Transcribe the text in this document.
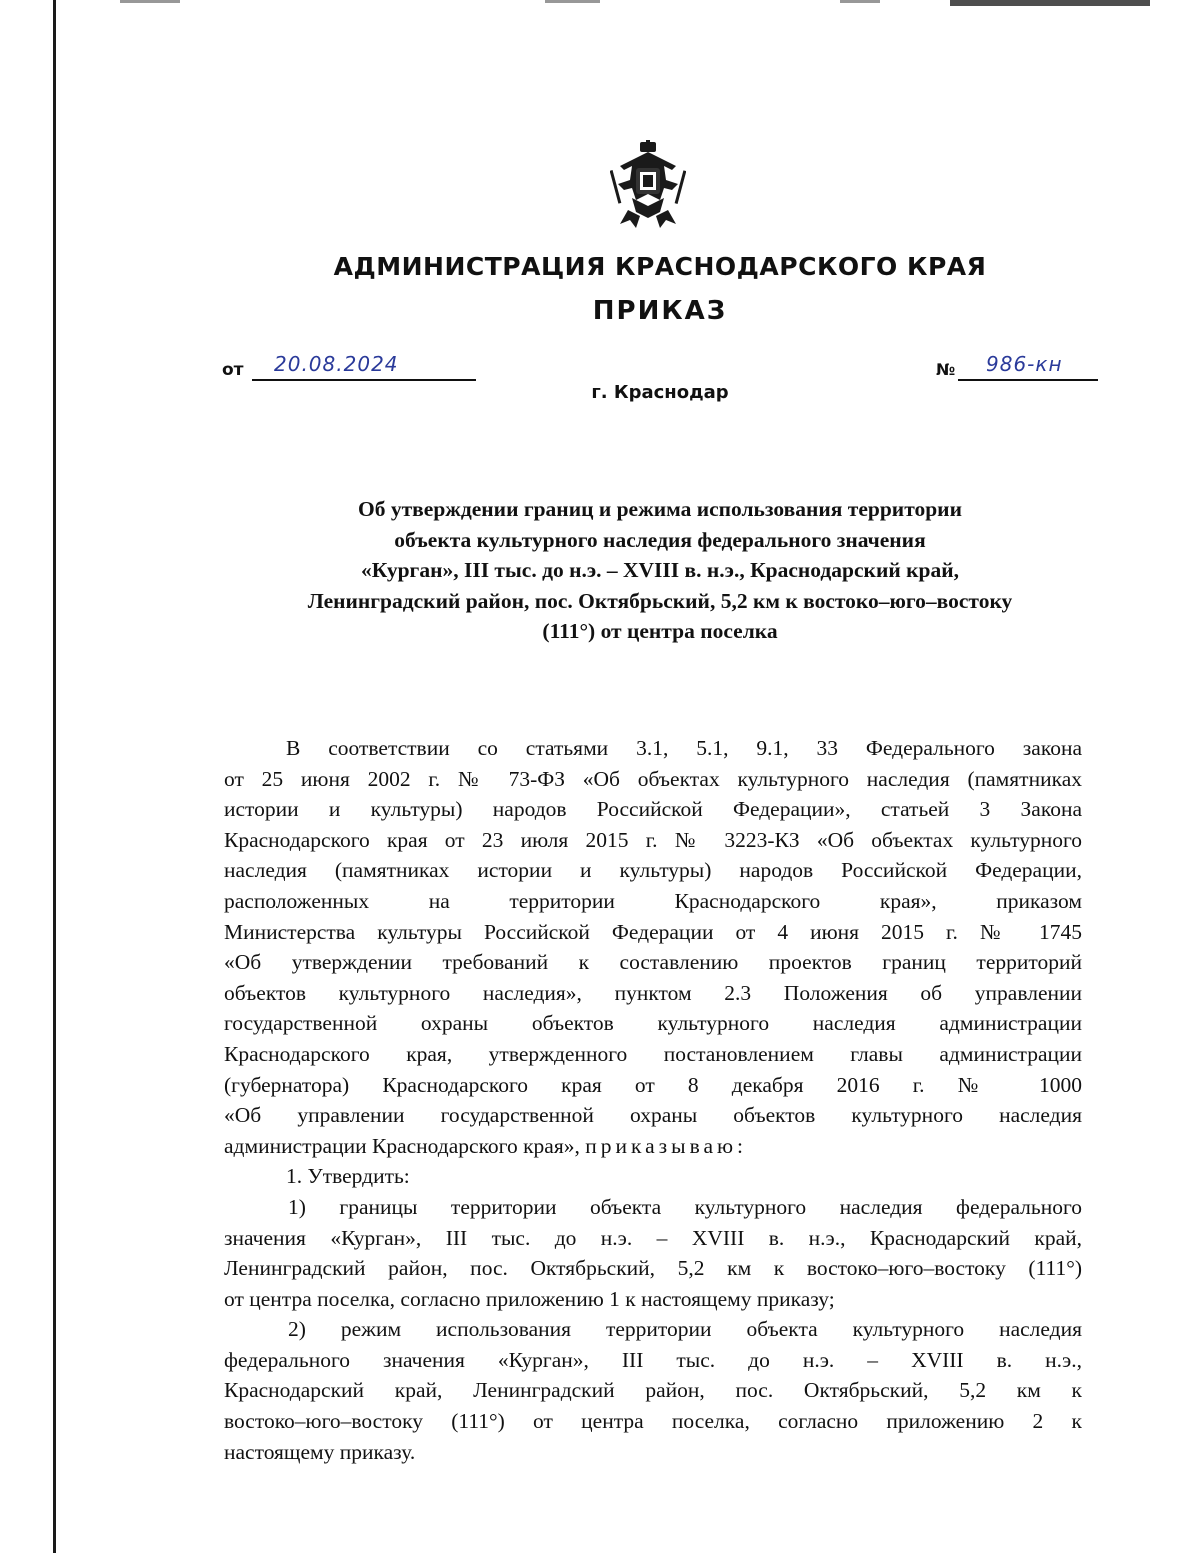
АДМИНИСТРАЦИЯ КРАСНОДАРСКОГО КРАЯ
ПРИКАЗ
от 20.08.2024	№ 986-кн
г. Краснодар
Об утверждении границ и режима использования территории
объекта культурного наследия федерального значения
«Курган», III тыс. до н.э. – XVIII в. н.э., Краснодарский край,
Ленинградский район, пос. Октябрьский, 5,2 км к востоко–юго–востоку
(111°) от центра поселка
В соответствии со статьями 3.1, 5.1, 9.1, 33 Федерального закона
от 25 июня 2002 г. № 73-ФЗ «Об объектах культурного наследия (памятниках
истории и культуры) народов Российской Федерации», статьей 3 Закона
Краснодарского края от 23 июля 2015 г. № 3223-КЗ «Об объектах культурного
наследия (памятниках истории и культуры) народов Российской Федерации,
расположенных на территории Краснодарского края», приказом
Министерства культуры Российской Федерации от 4 июня 2015 г. № 1745
«Об утверждении требований к составлению проектов границ территорий
объектов культурного наследия», пунктом 2.3 Положения об управлении
государственной охраны объектов культурного наследия администрации
Краснодарского края, утвержденного постановлением главы администрации
(губернатора) Краснодарского края от 8 декабря 2016 г. № 1000
«Об управлении государственной охраны объектов культурного наследия
администрации Краснодарского края», приказываю:
1. Утвердить:
1) границы территории объекта культурного наследия федерального
значения «Курган», III тыс. до н.э. – XVIII в. н.э., Краснодарский край,
Ленинградский район, пос. Октябрьский, 5,2 км к востоко–юго–востоку (111°)
от центра поселка, согласно приложению 1 к настоящему приказу;
2) режим использования территории объекта культурного наследия
федерального значения «Курган», III тыс. до н.э. – XVIII в. н.э.,
Краснодарский край, Ленинградский район, пос. Октябрьский, 5,2 км к
востоко–юго–востоку (111°) от центра поселка, согласно приложению 2 к
настоящему приказу.
